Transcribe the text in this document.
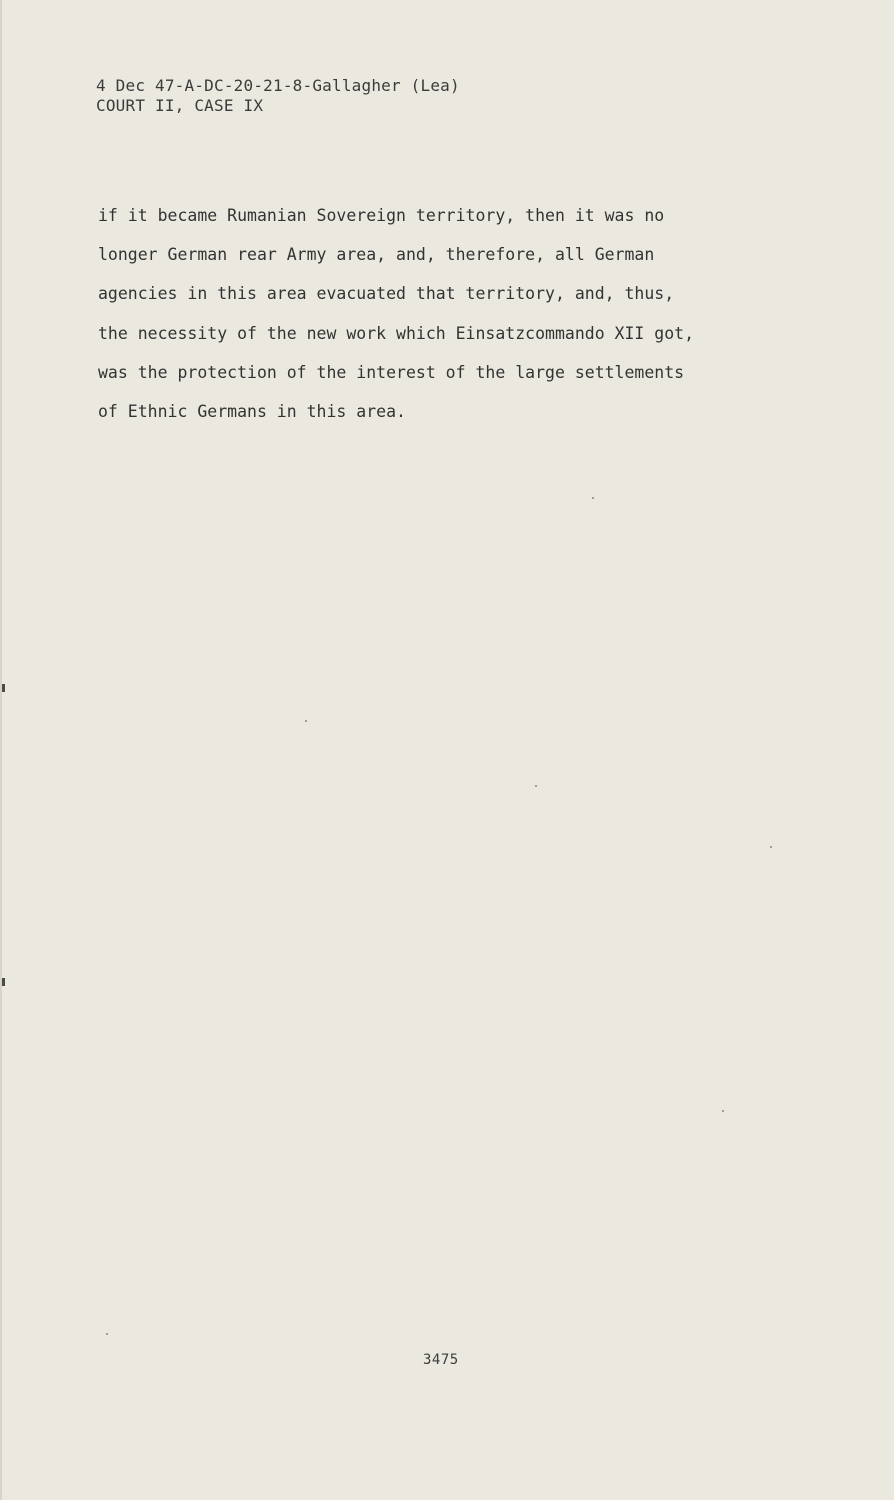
4 Dec 47-A-DC-20-21-8-Gallagher (Lea)
COURT II, CASE IX
if it became Rumanian Sovereign territory, then it was no
longer German rear Army area, and, therefore, all German
agencies in this area evacuated that territory, and, thus,
the necessity of the new work which Einsatzcommando XII got,
was the protection of the interest of the large settlements
of Ethnic Germans in this area.
3475
